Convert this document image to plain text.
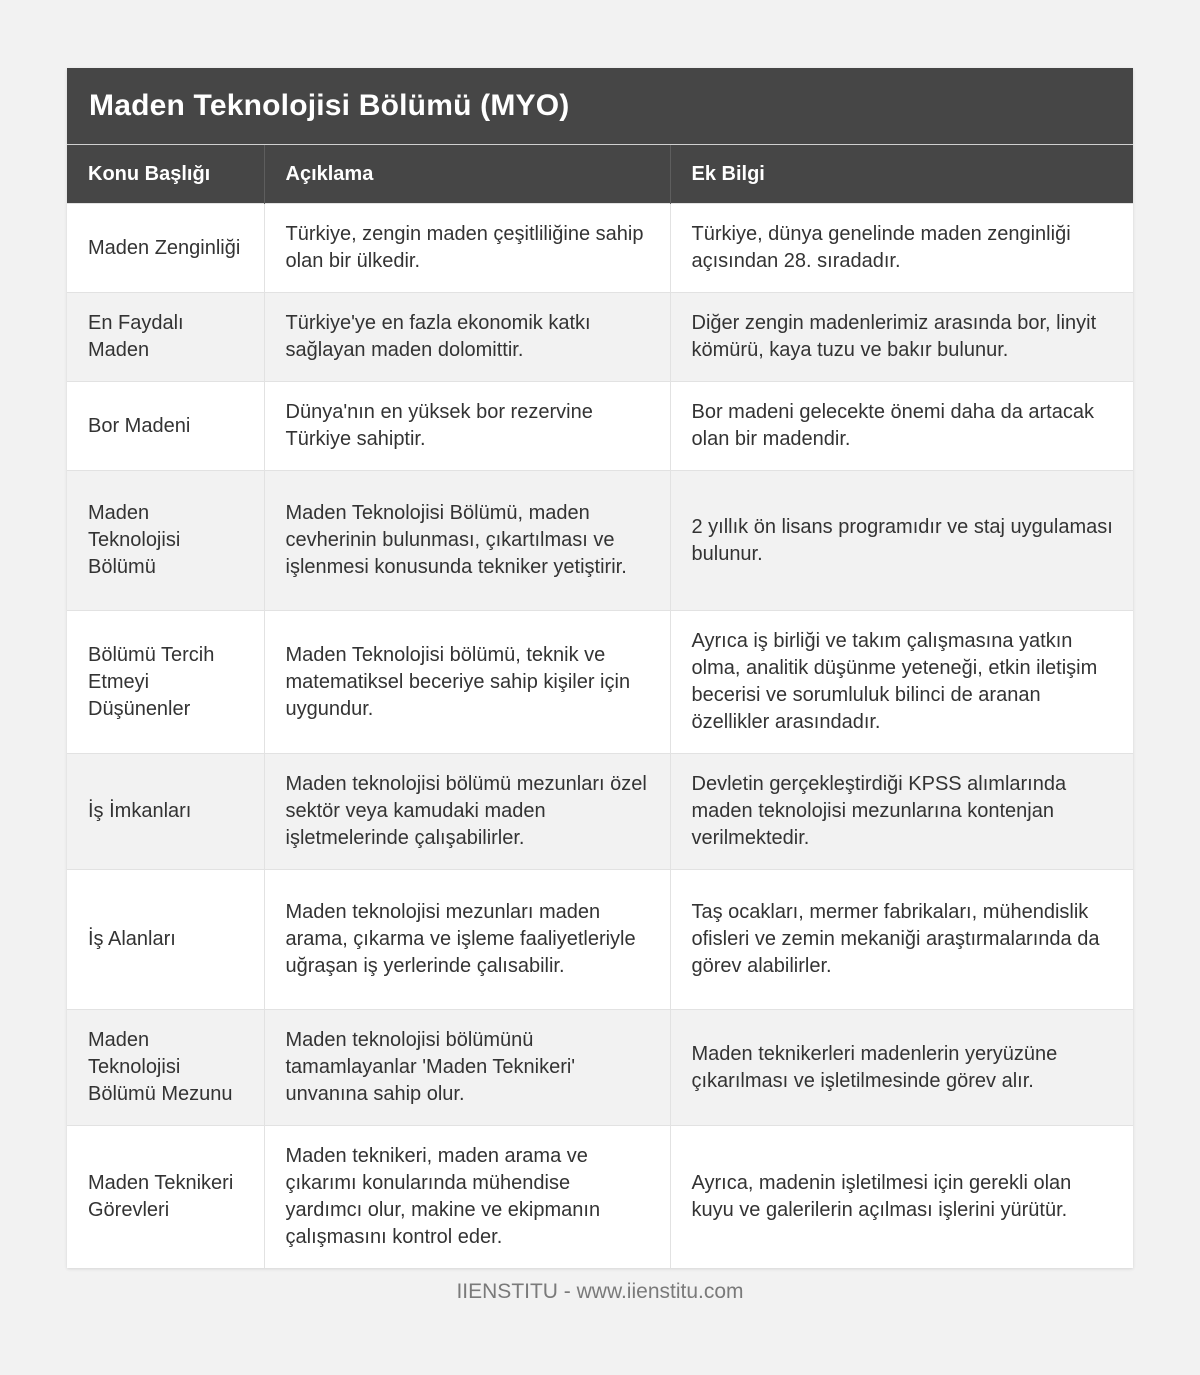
Maden Teknolojisi Bölümü (MYO)
Konu Başlığı	Açıklama	Ek Bilgi
Maden Zenginliği	Türkiye, zengin maden çeşitliliğine sahip olan bir ülkedir.	Türkiye, dünya genelinde maden zenginliği açısından 28. sıradadır.
En Faydalı Maden	Türkiye'ye en fazla ekonomik katkı sağlayan maden dolomittir.	Diğer zengin madenlerimiz arasında bor, linyit kömürü, kaya tuzu ve bakır bulunur.
Bor Madeni	Dünya'nın en yüksek bor rezervine Türkiye sahiptir.	Bor madeni gelecekte önemi daha da artacak olan bir madendir.
Maden Teknolojisi Bölümü	Maden Teknolojisi Bölümü, maden cevherinin bulunması, çıkartılması ve işlenmesi konusunda tekniker yetiştirir.	2 yıllık ön lisans programıdır ve staj uygulaması bulunur.
Bölümü Tercih Etmeyi Düşünenler	Maden Teknolojisi bölümü, teknik ve matematiksel beceriye sahip kişiler için uygundur.	Ayrıca iş birliği ve takım çalışmasına yatkın olma, analitik düşünme yeteneği, etkin iletişim becerisi ve sorumluluk bilinci de aranan özellikler arasındadır.
İş İmkanları	Maden teknolojisi bölümü mezunları özel sektör veya kamudaki maden işletmelerinde çalışabilirler.	Devletin gerçekleştirdiği KPSS alımlarında maden teknolojisi mezunlarına kontenjan verilmektedir.
İş Alanları	Maden teknolojisi mezunları maden arama, çıkarma ve işleme faaliyetleriyle uğraşan iş yerlerinde çalısabilir.	Taş ocakları, mermer fabrikaları, mühendislik ofisleri ve zemin mekaniği araştırmalarında da görev alabilirler.
Maden Teknolojisi Bölümü Mezunu	Maden teknolojisi bölümünü tamamlayanlar 'Maden Teknikeri' unvanına sahip olur.	Maden teknikerleri madenlerin yeryüzüne çıkarılması ve işletilmesinde görev alır.
Maden Teknikeri Görevleri	Maden teknikeri, maden arama ve çıkarımı konularında mühendise yardımcı olur, makine ve ekipmanın çalışmasını kontrol eder.	Ayrıca, madenin işletilmesi için gerekli olan kuyu ve galerilerin açılması işlerini yürütür.
IIENSTITU - www.iienstitu.com
